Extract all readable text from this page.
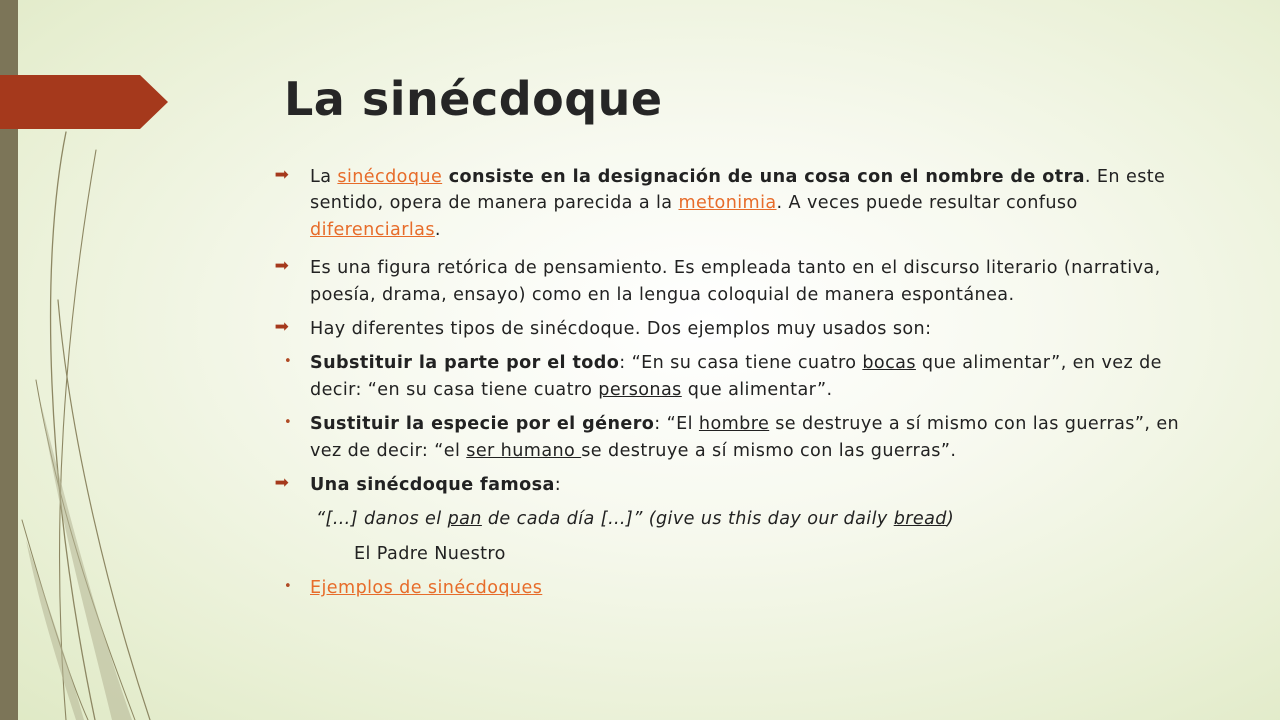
La sinécdoque
➡ La sinécdoque consiste en la designación de una cosa con el nombre de otra. En este sentido, opera de manera parecida a la metonimia. A veces puede resultar confuso diferenciarlas.
➡ Es una figura retórica de pensamiento. Es empleada tanto en el discurso literario (narrativa, poesía, drama, ensayo) como en la lengua coloquial de manera espontánea.
➡ Hay diferentes tipos de sinécdoque. Dos ejemplos muy usados son:
• Substituir la parte por el todo: “En su casa tiene cuatro bocas que alimentar”, en vez de decir: “en su casa tiene cuatro personas que alimentar”.
• Sustituir la especie por el género: “El hombre se destruye a sí mismo con las guerras”, en vez de decir: “el ser humano se destruye a sí mismo con las guerras”.
➡ Una sinécdoque famosa:
“[…] danos el pan de cada día […]” (give us this day our daily bread)
El Padre Nuestro
• Ejemplos de sinécdoques
